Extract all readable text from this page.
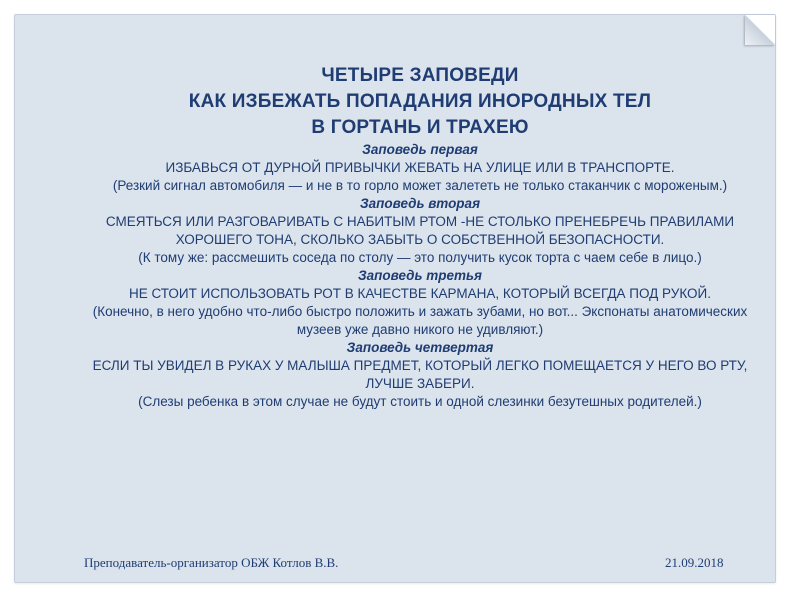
ЧЕТЫРЕ ЗАПОВЕДИ

КАК ИЗБЕЖАТЬ ПОПАДАНИЯ ИНОРОДНЫХ ТЕЛ

В ГОРТАНЬ И ТРАХЕЮ

Заповедь первая

ИЗБАВЬСЯ ОТ ДУРНОЙ ПРИВЫЧКИ ЖЕВАТЬ НА УЛИЦЕ ИЛИ В ТРАНСПОРТЕ.

(Резкий сигнал автомобиля — и не в то горло может залететь не только стаканчик с мороженым.)

Заповедь вторая

СМЕЯТЬСЯ ИЛИ РАЗГОВАРИВАТЬ С НАБИТЫМ РТОМ -НЕ СТОЛЬКО ПРЕНЕБРЕЧЬ ПРАВИЛАМИ ХОРОШЕГО ТОНА, СКОЛЬКО ЗАБЫТЬ О СОБСТВЕННОЙ БЕЗОПАСНОСТИ.

(К тому же: рассмешить соседа по столу — это получить кусок торта с чаем себе в лицо.)

Заповедь третья

НЕ СТОИТ ИСПОЛЬЗОВАТЬ РОТ В КАЧЕСТВЕ КАРМАНА, КОТОРЫЙ ВСЕГДА ПОД РУКОЙ.

(Конечно, в него удобно что-либо быстро положить и зажать зубами, но вот... Экспонаты анатомических музеев уже давно никого не удивляют.)

Заповедь четвертая

ЕСЛИ ТЫ УВИДЕЛ В РУКАХ У МАЛЫША ПРЕДМЕТ, КОТОРЫЙ ЛЕГКО ПОМЕЩАЕТСЯ У НЕГО ВО РТУ, ЛУЧШЕ ЗАБЕРИ.

(Слезы ребенка в этом случае не будут стоить и одной слезинки безутешных родителей.)

Преподаватель-организатор ОБЖ Котлов В.В.	21.09.2018
